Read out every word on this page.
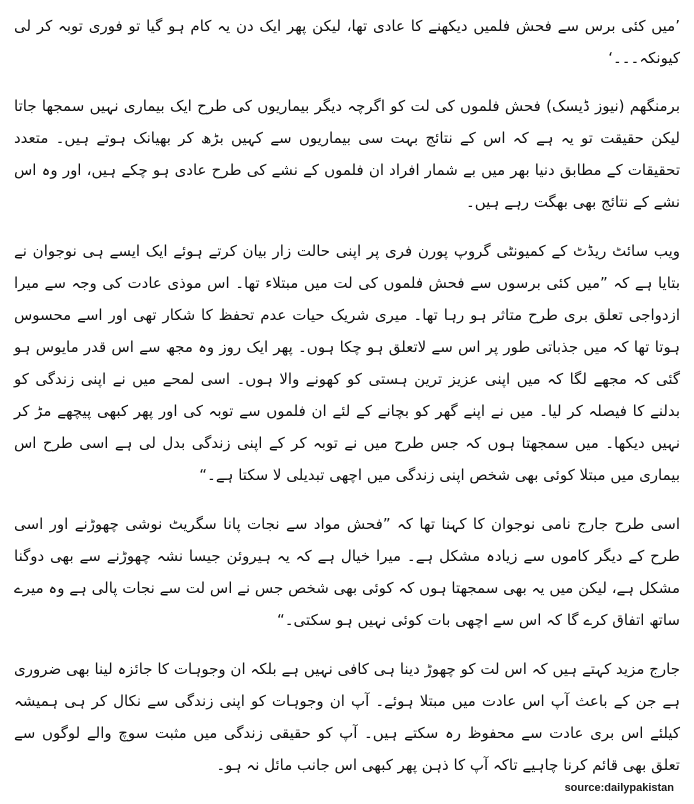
’میں کئی برس سے فحش فلمیں دیکھنے کا عادی تھا، لیکن پھر ایک دن یہ کام ہو گیا تو فوری توبہ کر لی کیونکہ۔۔۔‘

برمنگھم (نیوز ڈیسک) فحش فلموں کی لت کو اگرچہ دیگر بیماریوں کی طرح ایک بیماری نہیں سمجھا جاتا لیکن حقیقت تو یہ ہے کہ اس کے نتائج بہت سی بیماریوں سے کہیں بڑھ کر بھیانک ہوتے ہیں۔ متعدد تحقیقات کے مطابق دنیا بھر میں بے شمار افراد ان فلموں کے نشے کی طرح عادی ہو چکے ہیں، اور وہ اس نشے کے نتائج بھی بھگت رہے ہیں۔

ویب سائٹ ریڈٹ کے کمیونٹی گروپ پورن فری پر اپنی حالت زار بیان کرتے ہوئے ایک ایسے ہی نوجوان نے بتایا ہے کہ ”میں کئی برسوں سے فحش فلموں کی لت میں مبتلاء تھا۔ اس موذی عادت کی وجہ سے میرا ازدواجی تعلق بری طرح متاثر ہو رہا تھا۔ میری شریک حیات عدم تحفظ کا شکار تھی اور اسے محسوس ہوتا تھا کہ میں جذباتی طور پر اس سے لاتعلق ہو چکا ہوں۔ پھر ایک روز وہ مجھ سے اس قدر مایوس ہو گئی کہ مجھے لگا کہ میں اپنی عزیز ترین ہستی کو کھونے والا ہوں۔ اسی لمحے میں نے اپنی زندگی کو بدلنے کا فیصلہ کر لیا۔ میں نے اپنے گھر کو بچانے کے لئے ان فلموں سے توبہ کی اور پھر کبھی پیچھے مڑ کر نہیں دیکھا۔ میں سمجھتا ہوں کہ جس طرح میں نے توبہ کر کے اپنی زندگی بدل لی ہے اسی طرح اس بیماری میں مبتلا کوئی بھی شخص اپنی زندگی میں اچھی تبدیلی لا سکتا ہے۔“

اسی طرح جارج نامی نوجوان کا کہنا تھا کہ ”فحش مواد سے نجات پانا سگریٹ نوشی چھوڑنے اور اسی طرح کے دیگر کاموں سے زیادہ مشکل ہے۔ میرا خیال ہے کہ یہ ہیروئن جیسا نشہ چھوڑنے سے بھی دوگنا مشکل ہے، لیکن میں یہ بھی سمجھتا ہوں کہ کوئی بھی شخص جس نے اس لت سے نجات پالی ہے وہ میرے ساتھ اتفاق کرے گا کہ اس سے اچھی بات کوئی نہیں ہو سکتی۔“

جارج مزید کہتے ہیں کہ اس لت کو چھوڑ دینا ہی کافی نہیں ہے بلکہ ان وجوہات کا جائزہ لینا بھی ضروری ہے جن کے باعث آپ اس عادت میں مبتلا ہوئے۔ آپ ان وجوہات کو اپنی زندگی سے نکال کر ہی ہمیشہ کیلئے اس بری عادت سے محفوظ رہ سکتے ہیں۔ آپ کو حقیقی زندگی میں مثبت سوچ والے لوگوں سے تعلق بھی قائم کرنا چاہیے تاکہ آپ کا ذہن پھر کبھی اس جانب مائل نہ ہو۔

source:dailypakistan
